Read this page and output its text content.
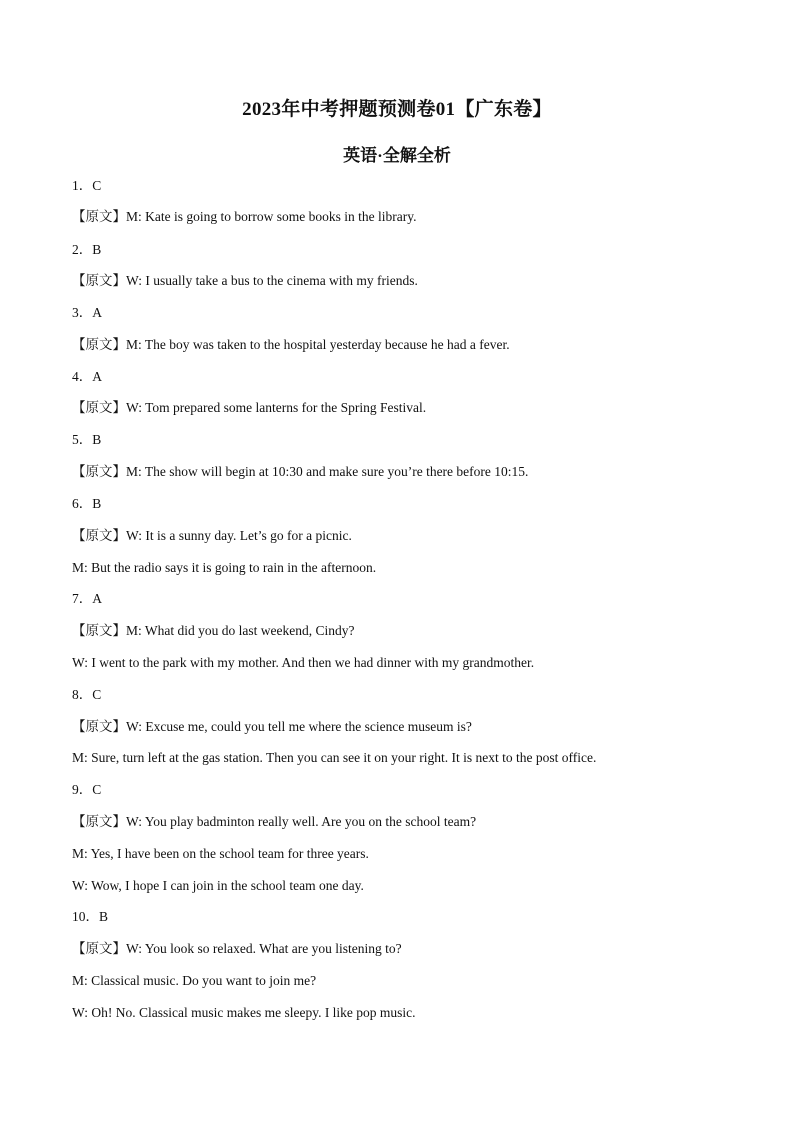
2023年中考押题预测卷01【广东卷】
英语·全解全析
1．C
【原文】M: Kate is going to borrow some books in the library.
2．B
【原文】W: I usually take a bus to the cinema with my friends.
3．A
【原文】M: The boy was taken to the hospital yesterday because he had a fever.
4．A
【原文】W: Tom prepared some lanterns for the Spring Festival.
5．B
【原文】M: The show will begin at 10:30 and make sure you’re there before 10:15.
6．B
【原文】W: It is a sunny day. Let’s go for a picnic.
M: But the radio says it is going to rain in the afternoon.
7．A
【原文】M: What did you do last weekend, Cindy?
W: I went to the park with my mother. And then we had dinner with my grandmother.
8．C
【原文】W: Excuse me, could you tell me where the science museum is?
M: Sure, turn left at the gas station. Then you can see it on your right. It is next to the post office.
9．C
【原文】W: You play badminton really well. Are you on the school team?
M: Yes, I have been on the school team for three years.
W: Wow, I hope I can join in the school team one day.
10．B
【原文】W: You look so relaxed. What are you listening to?
M: Classical music. Do you want to join me?
W: Oh! No. Classical music makes me sleepy. I like pop music.
